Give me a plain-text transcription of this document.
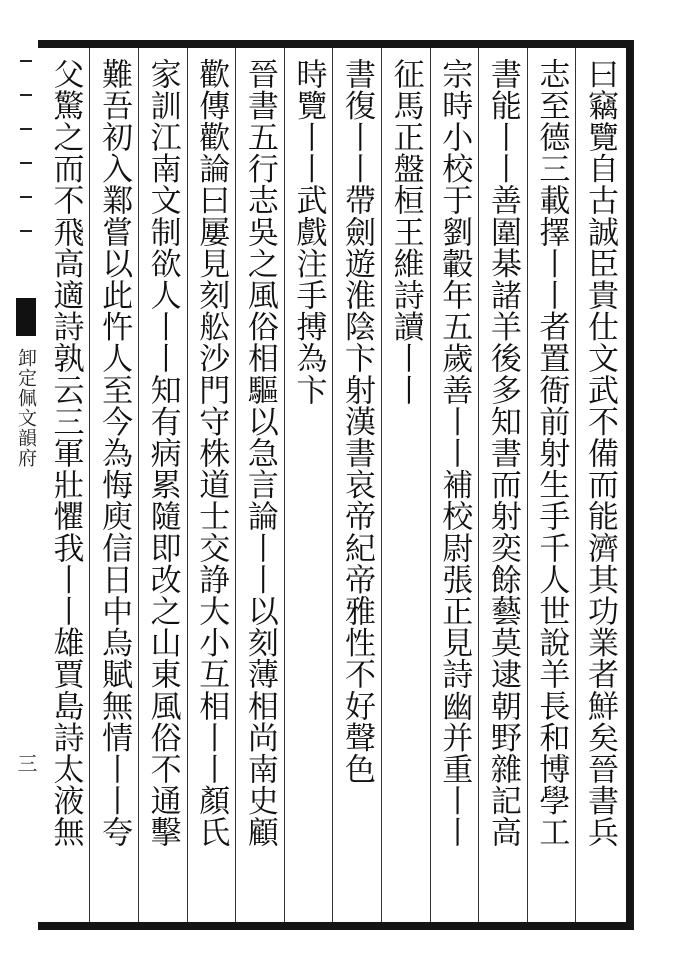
卸定佩文韻府
三	曰竊覽自古誠臣貴仕文武不備而能濟其功業者鮮矣晉書兵
志至德三載擇丨丨者置衙前射生手千人世說羊長和博學工
書能丨丨善圍棊諸羊後多知書而射奕餘藝莫逮朝野雜記高
宗時小校于劉轂年五歲善丨丨補校尉張正見詩幽并重丨丨
征馬正盤桓王維詩讀丨丨
書復丨丨帶劍遊淮陰卞射漢書哀帝紀帝雅性不好聲色
時覽丨丨武戲注手搏為卞
晉書五行志吳之風俗相驅以急言論丨丨以刻薄相尚南史顧
歡傳歡論曰屢見刻舩沙門守株道士交諍大小互相丨丨顏氏
家訓江南文制欲人丨丨知有病累隨即改之山東風俗不通擊
難吾初入鄴嘗以此忤人至今為悔庾信日中烏賦無情丨丨夸
父驚之而不飛高適詩孰云三軍壯懼我丨丨雄賈島詩太液無
